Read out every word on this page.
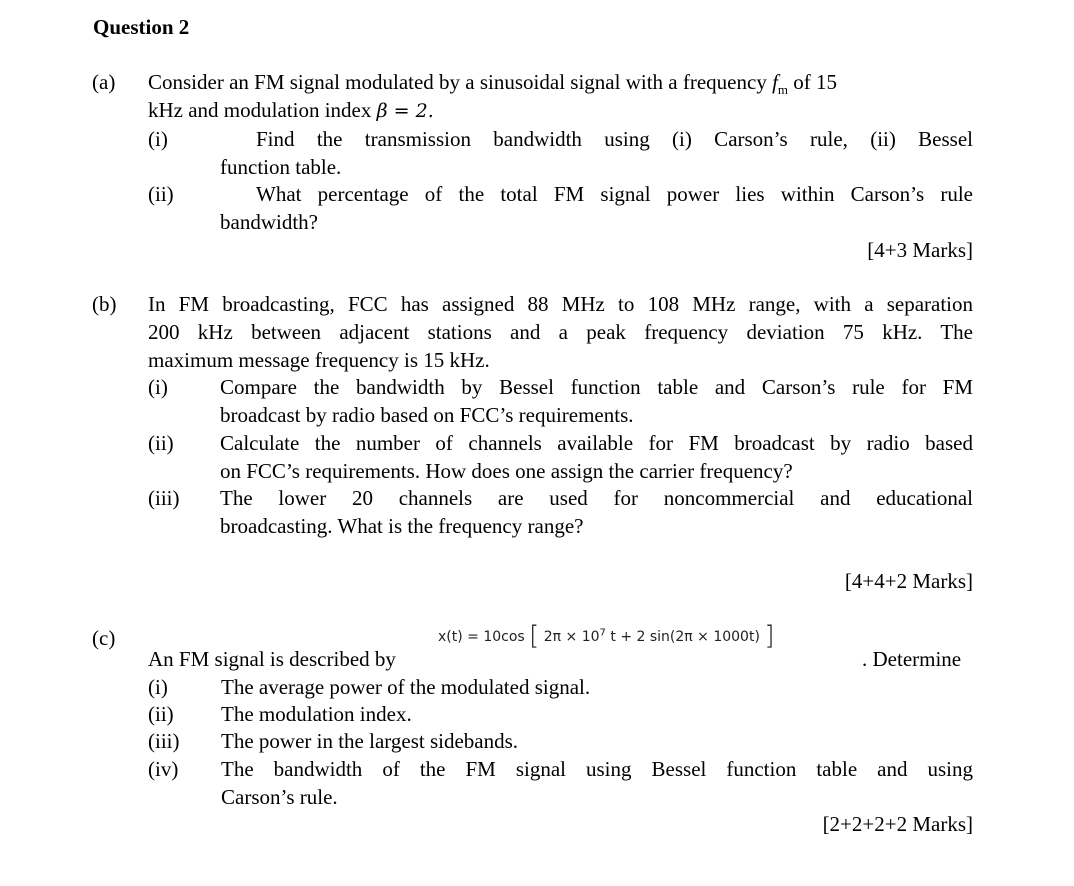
Question 2
(a) Consider an FM signal modulated by a sinusoidal signal with a frequency $f_m$ of 15
kHz and modulation index β = 2.
(i)	Find the transmission bandwidth using (i) Carson’s rule, (ii) Bessel
function table.
(ii)	What percentage of the total FM signal power lies within Carson’s rule
bandwidth?
[4+3 Marks]
(b) In FM broadcasting, FCC has assigned 88 MHz to 108 MHz range, with a separation
200 kHz between adjacent stations and a peak frequency deviation 75 kHz. The
maximum message frequency is 15 kHz.
(i) Compare the bandwidth by Bessel function table and Carson’s rule for FM
broadcast by radio based on FCC’s requirements.
(ii) Calculate the number of channels available for FM broadcast by radio based
on FCC’s requirements. How does one assign the carrier frequency?
(iii) The lower 20 channels are used for noncommercial and educational
broadcasting. What is the frequency range?
[4+4+2 Marks]
(c)	x(t) = 10cos [ $2\pi \times 10^7$ t + 2 sin(2π × 1000t) ]
An FM signal is described by	. Determine
(i)	The average power of the modulated signal.
(ii) The modulation index.
(iii) The power in the largest sidebands.
(iv) The bandwidth of the FM signal using Bessel function table and using
Carson’s rule.
[2+2+2+2 Marks]
